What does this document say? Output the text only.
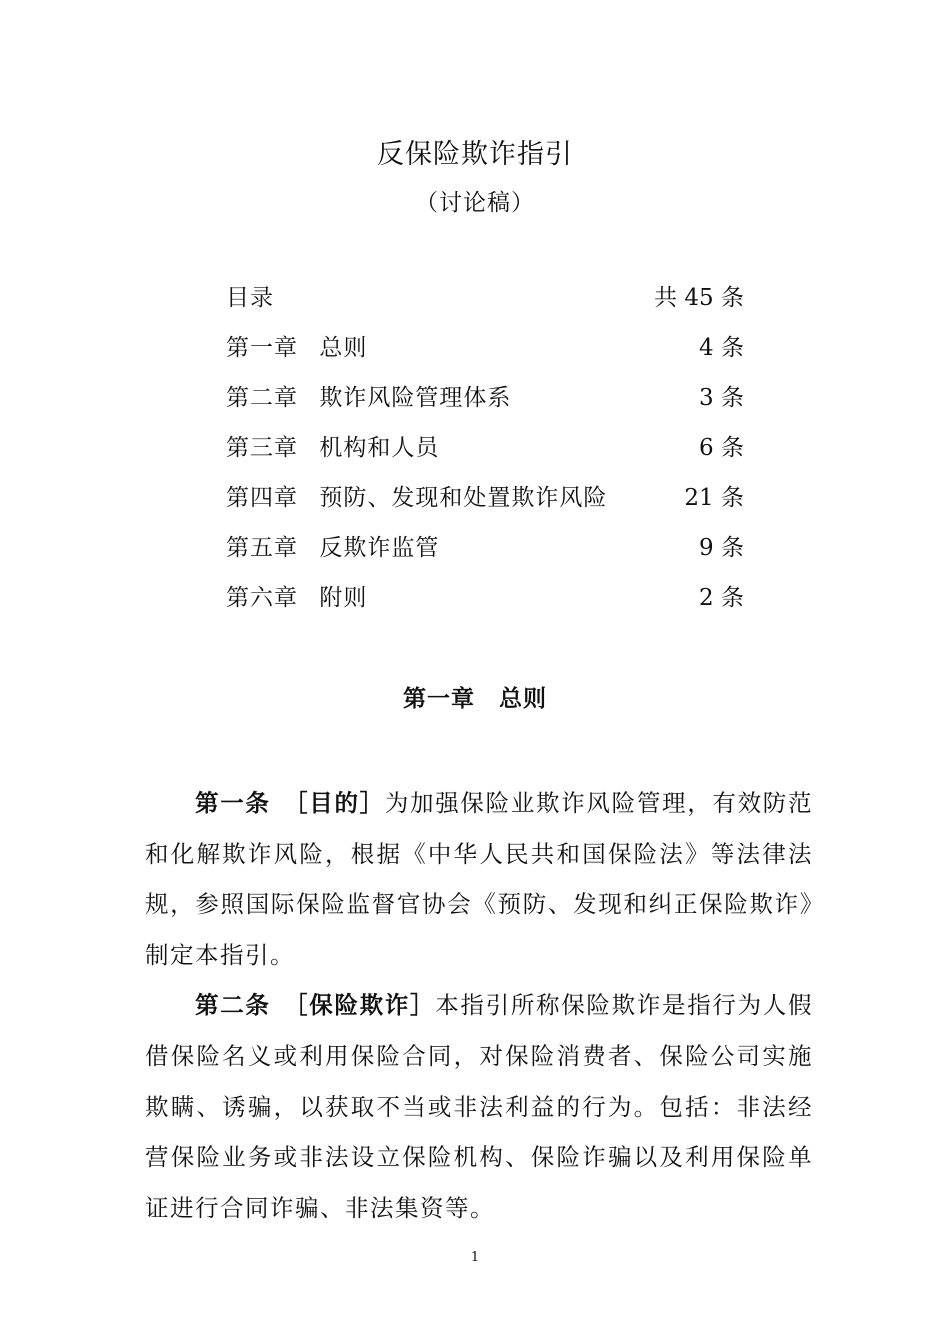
反保险欺诈指引
（讨论稿）
目录	共 45 条
第一章 总则	4 条
第二章 欺诈风险管理体系	3 条
第三章 机构和人员	6 条
第四章 预防、发现和处置欺诈风险	21 条
第五章 反欺诈监管	9 条
第六章 附则	2 条
第一章　总则

第一条　 ［目的］为加强保险业欺诈风险管理，有效防范和化解欺诈风险，根据《中华人民共和国保险法》等法律法规，参照国际保险监督官协会《预防、发现和纠正保险欺诈》制定本指引。

第二条　 ［保险欺诈］本指引所称保险欺诈是指行为人假借保险名义或利用保险合同，对保险消费者、保险公司实施欺瞒、诱骗，以获取不当或非法利益的行为。包括：非法经营保险业务或非法设立保险机构、保险诈骗以及利用保险单证进行合同诈骗、非法集资等。

1
